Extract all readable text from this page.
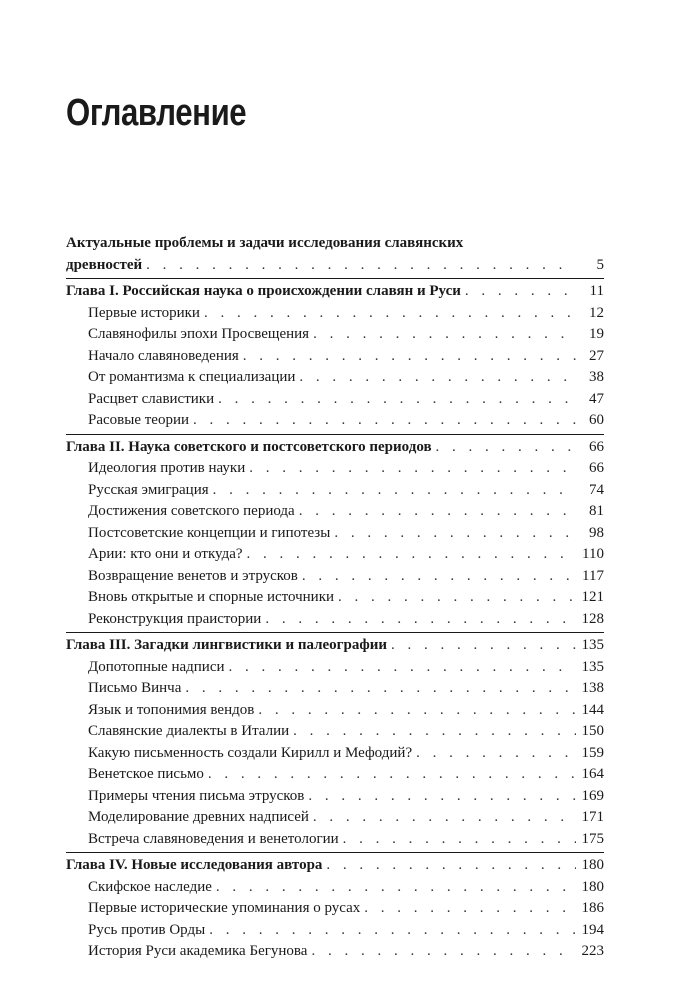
Оглавление
Актуальные проблемы и задачи исследования славянских
древностей . . .	5
Глава I. Российская наука о происхождении славян и Руси . . .	11
Первые историки . . .	12
Славянофилы эпохи Просвещения . . .	19
Начало славяноведения . . .	27
От романтизма к специализации . . .	38
Расцвет славистики . . .	47
Расовые теории . . .	60
Глава II. Наука советского и постсоветского периодов . . .	66
Идеология против науки . . .	66
Русская эмиграция . . .	74
Достижения советского периода . . .	81
Постсоветские концепции и гипотезы . . .	98
Арии: кто они и откуда? . . .	110
Возвращение венетов и этрусков . . .	117
Вновь открытые и спорные источники . . .	121
Реконструкция праистории . . .	128
Глава III. Загадки лингвистики и палеографии . . .	135
Допотопные надписи . . .	135
Письмо Винча . . .	138
Язык и топонимия вендов . . .	144
Славянские диалекты в Италии . . .	150
Какую письменность создали Кирилл и Мефодий? . . .	159
Венетское письмо . . .	164
Примеры чтения письма этрусков . . .	169
Моделирование древних надписей . . .	171
Встреча славяноведения и венетологии . . .	175
Глава IV. Новые исследования автора . . .	180
Скифское наследие . . .	180
Первые исторические упоминания о русах . . .	186
Русь против Орды . . .	194
История Руси академика Бегунова . . .	223
